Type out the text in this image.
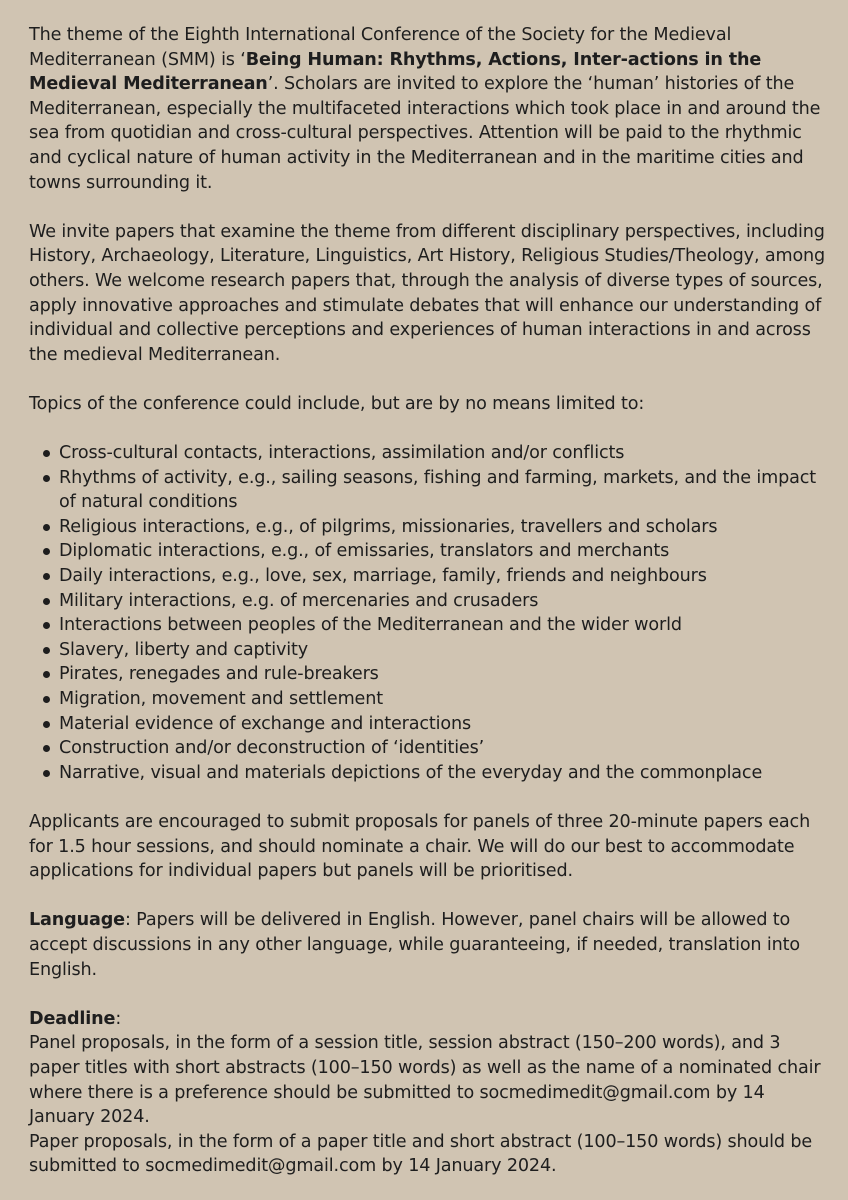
The theme of the Eighth International Conference of the Society for the Medieval Mediterranean (SMM) is ‘Being Human: Rhythms, Actions, Inter-actions in the Medieval Mediterranean’. Scholars are invited to explore the ‘human’ histories of the Mediterranean, especially the multifaceted interactions which took place in and around the sea from quotidian and cross-cultural perspectives. Attention will be paid to the rhythmic and cyclical nature of human activity in the Mediterranean and in the maritime cities and towns surrounding it.

We invite papers that examine the theme from different disciplinary perspectives, including History, Archaeology, Literature, Linguistics, Art History, Religious Studies/Theology, among others. We welcome research papers that, through the analysis of diverse types of sources, apply innovative approaches and stimulate debates that will enhance our understanding of individual and collective perceptions and experiences of human interactions in and across the medieval Mediterranean.

Topics of the conference could include, but are by no means limited to:

Cross-cultural contacts, interactions, assimilation and/or conflicts
Rhythms of activity, e.g., sailing seasons, fishing and farming, markets, and the impact of natural conditions
Religious interactions, e.g., of pilgrims, missionaries, travellers and scholars
Diplomatic interactions, e.g., of emissaries, translators and merchants
Daily interactions, e.g., love, sex, marriage, family, friends and neighbours
Military interactions, e.g. of mercenaries and crusaders
Interactions between peoples of the Mediterranean and the wider world
Slavery, liberty and captivity
Pirates, renegades and rule-breakers
Migration, movement and settlement
Material evidence of exchange and interactions
Construction and/or deconstruction of ‘identities’
Narrative, visual and materials depictions of the everyday and the commonplace

Applicants are encouraged to submit proposals for panels of three 20-minute papers each for 1.5 hour sessions, and should nominate a chair. We will do our best to accommodate applications for individual papers but panels will be prioritised.

Language: Papers will be delivered in English. However, panel chairs will be allowed to accept discussions in any other language, while guaranteeing, if needed, translation into English.

Deadline:

Panel proposals, in the form of a session title, session abstract (150–200 words), and 3 paper titles with short abstracts (100–150 words) as well as the name of a nominated chair where there is a preference should be submitted to socmedimedit@gmail.com by 14 January 2024.

Paper proposals, in the form of a paper title and short abstract (100–150 words) should be submitted to socmedimedit@gmail.com by 14 January 2024.
